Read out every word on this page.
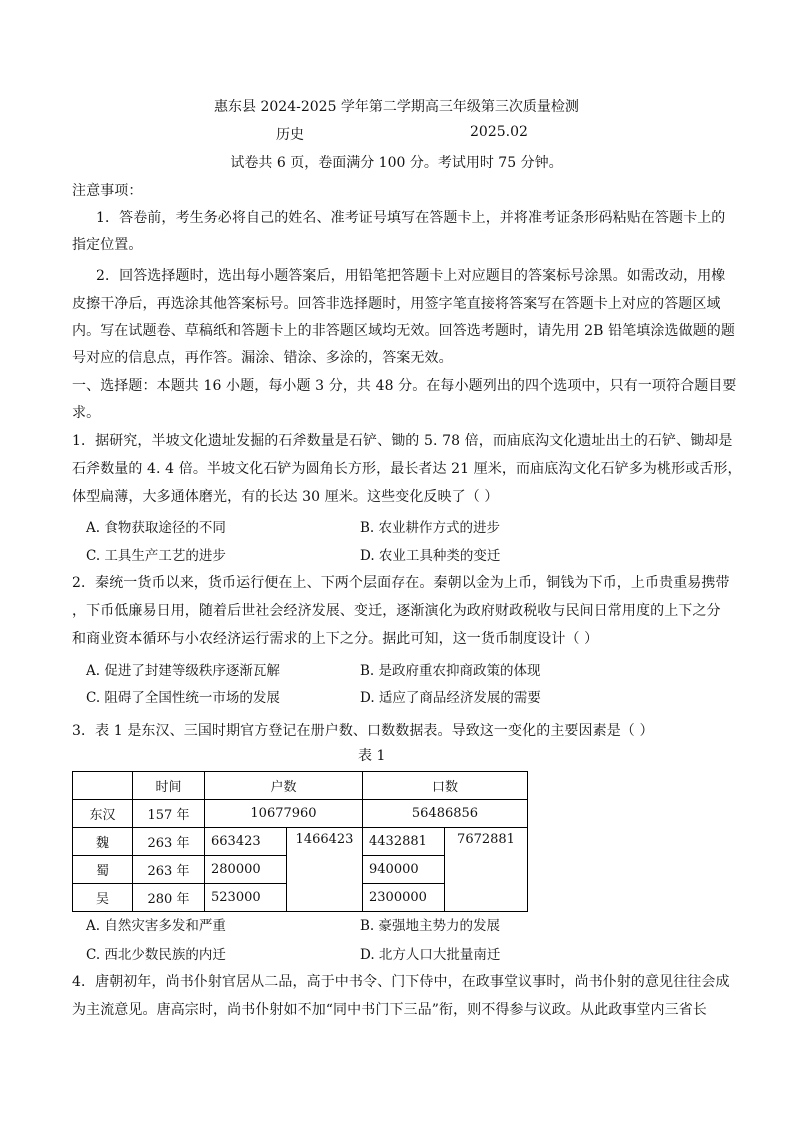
惠东县 2024-2025 学年第二学期高三年级第三次质量检测
历史	2025.02
试卷共 6 页，卷面满分 100 分。考试用时 75 分钟。
注意事项：
1．答卷前，考生务必将自己的姓名、准考证号填写在答题卡上，并将准考证条形码粘贴在答题卡上的
指定位置。
2．回答选择题时，选出每小题答案后，用铅笔把答题卡上对应题目的答案标号涂黑。如需改动，用橡
皮擦干净后，再选涂其他答案标号。回答非选择题时，用签字笔直接将答案写在答题卡上对应的答题区域
内。写在试题卷、草稿纸和答题卡上的非答题区域均无效。回答选考题时，请先用 2B 铅笔填涂选做题的题
号对应的信息点，再作答。漏涂、错涂、多涂的，答案无效。
一、选择题：本题共 16 小题，每小题 3 分，共 48 分。在每小题列出的四个选项中，只有一项符合题目要
求。
1．据研究，半坡文化遗址发掘的石斧数量是石铲、锄的 5. 78 倍，而庙底沟文化遗址出土的石铲、锄却是
石斧数量的 4. 4 倍。半坡文化石铲为圆角长方形，最长者达 21 厘米，而庙底沟文化石铲多为桃形或舌形，
体型扁薄，大多通体磨光，有的长达 30 厘米。这些变化反映了（ ）
A. 食物获取途径的不同	B. 农业耕作方式的进步
C. 工具生产工艺的进步	D. 农业工具种类的变迁
2．秦统一货币以来，货币运行便在上、下两个层面存在。秦朝以金为上币，铜钱为下币，上币贵重易携带
，下币低廉易日用，随着后世社会经济发展、变迁，逐渐演化为政府财政税收与民间日常用度的上下之分
和商业资本循环与小农经济运行需求的上下之分。据此可知，这一货币制度设计（ ）
A. 促进了封建等级秩序逐渐瓦解	B. 是政府重农抑商政策的体现
C. 阻碍了全国性统一市场的发展	D. 适应了商品经济发展的需要
3．表 1 是东汉、三国时期官方登记在册户数、口数数据表。导致这一变化的主要因素是（ ）
表 1
	时间	户数		口数	
东汉	157 年	10677960		56486856	
魏	263 年	663423	1466423	4432881	7672881
蜀	263 年	280000		940000	
吴	280 年	523000		2300000	
A. 自然灾害多发和严重	B. 豪强地主势力的发展
C. 西北少数民族的内迁	D. 北方人口大批量南迁
4．唐朝初年，尚书仆射官居从二品，高于中书令、门下侍中，在政事堂议事时，尚书仆射的意见往往会成
为主流意见。唐高宗时，尚书仆射如不加“同中书门下三品”衔，则不得参与议政。从此政事堂内三省长
